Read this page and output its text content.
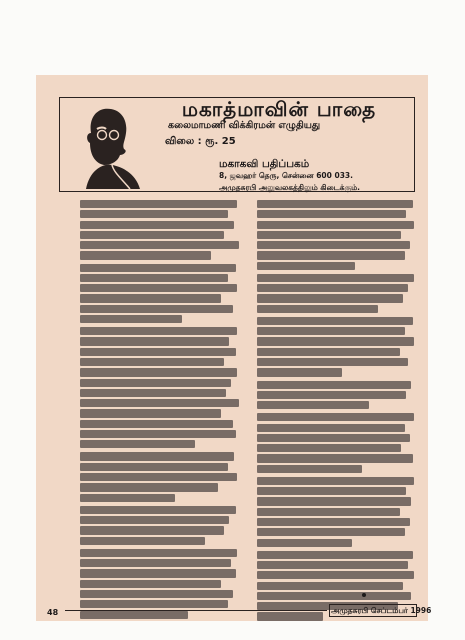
மகாத்மாவின் பாதை
கலைமாமணி விக்கிரமன் எழுதியது
விலை : ரூ. 25
மகாகவி பதிப்பகம்
8, ஜவஹர் தெரு, சென்னை 600 033.
அமுதசுரபி அலுவலகத்திலும் கிடைக்கும்.
48	அமுதசுரபி செப்டம்பர் 1996
